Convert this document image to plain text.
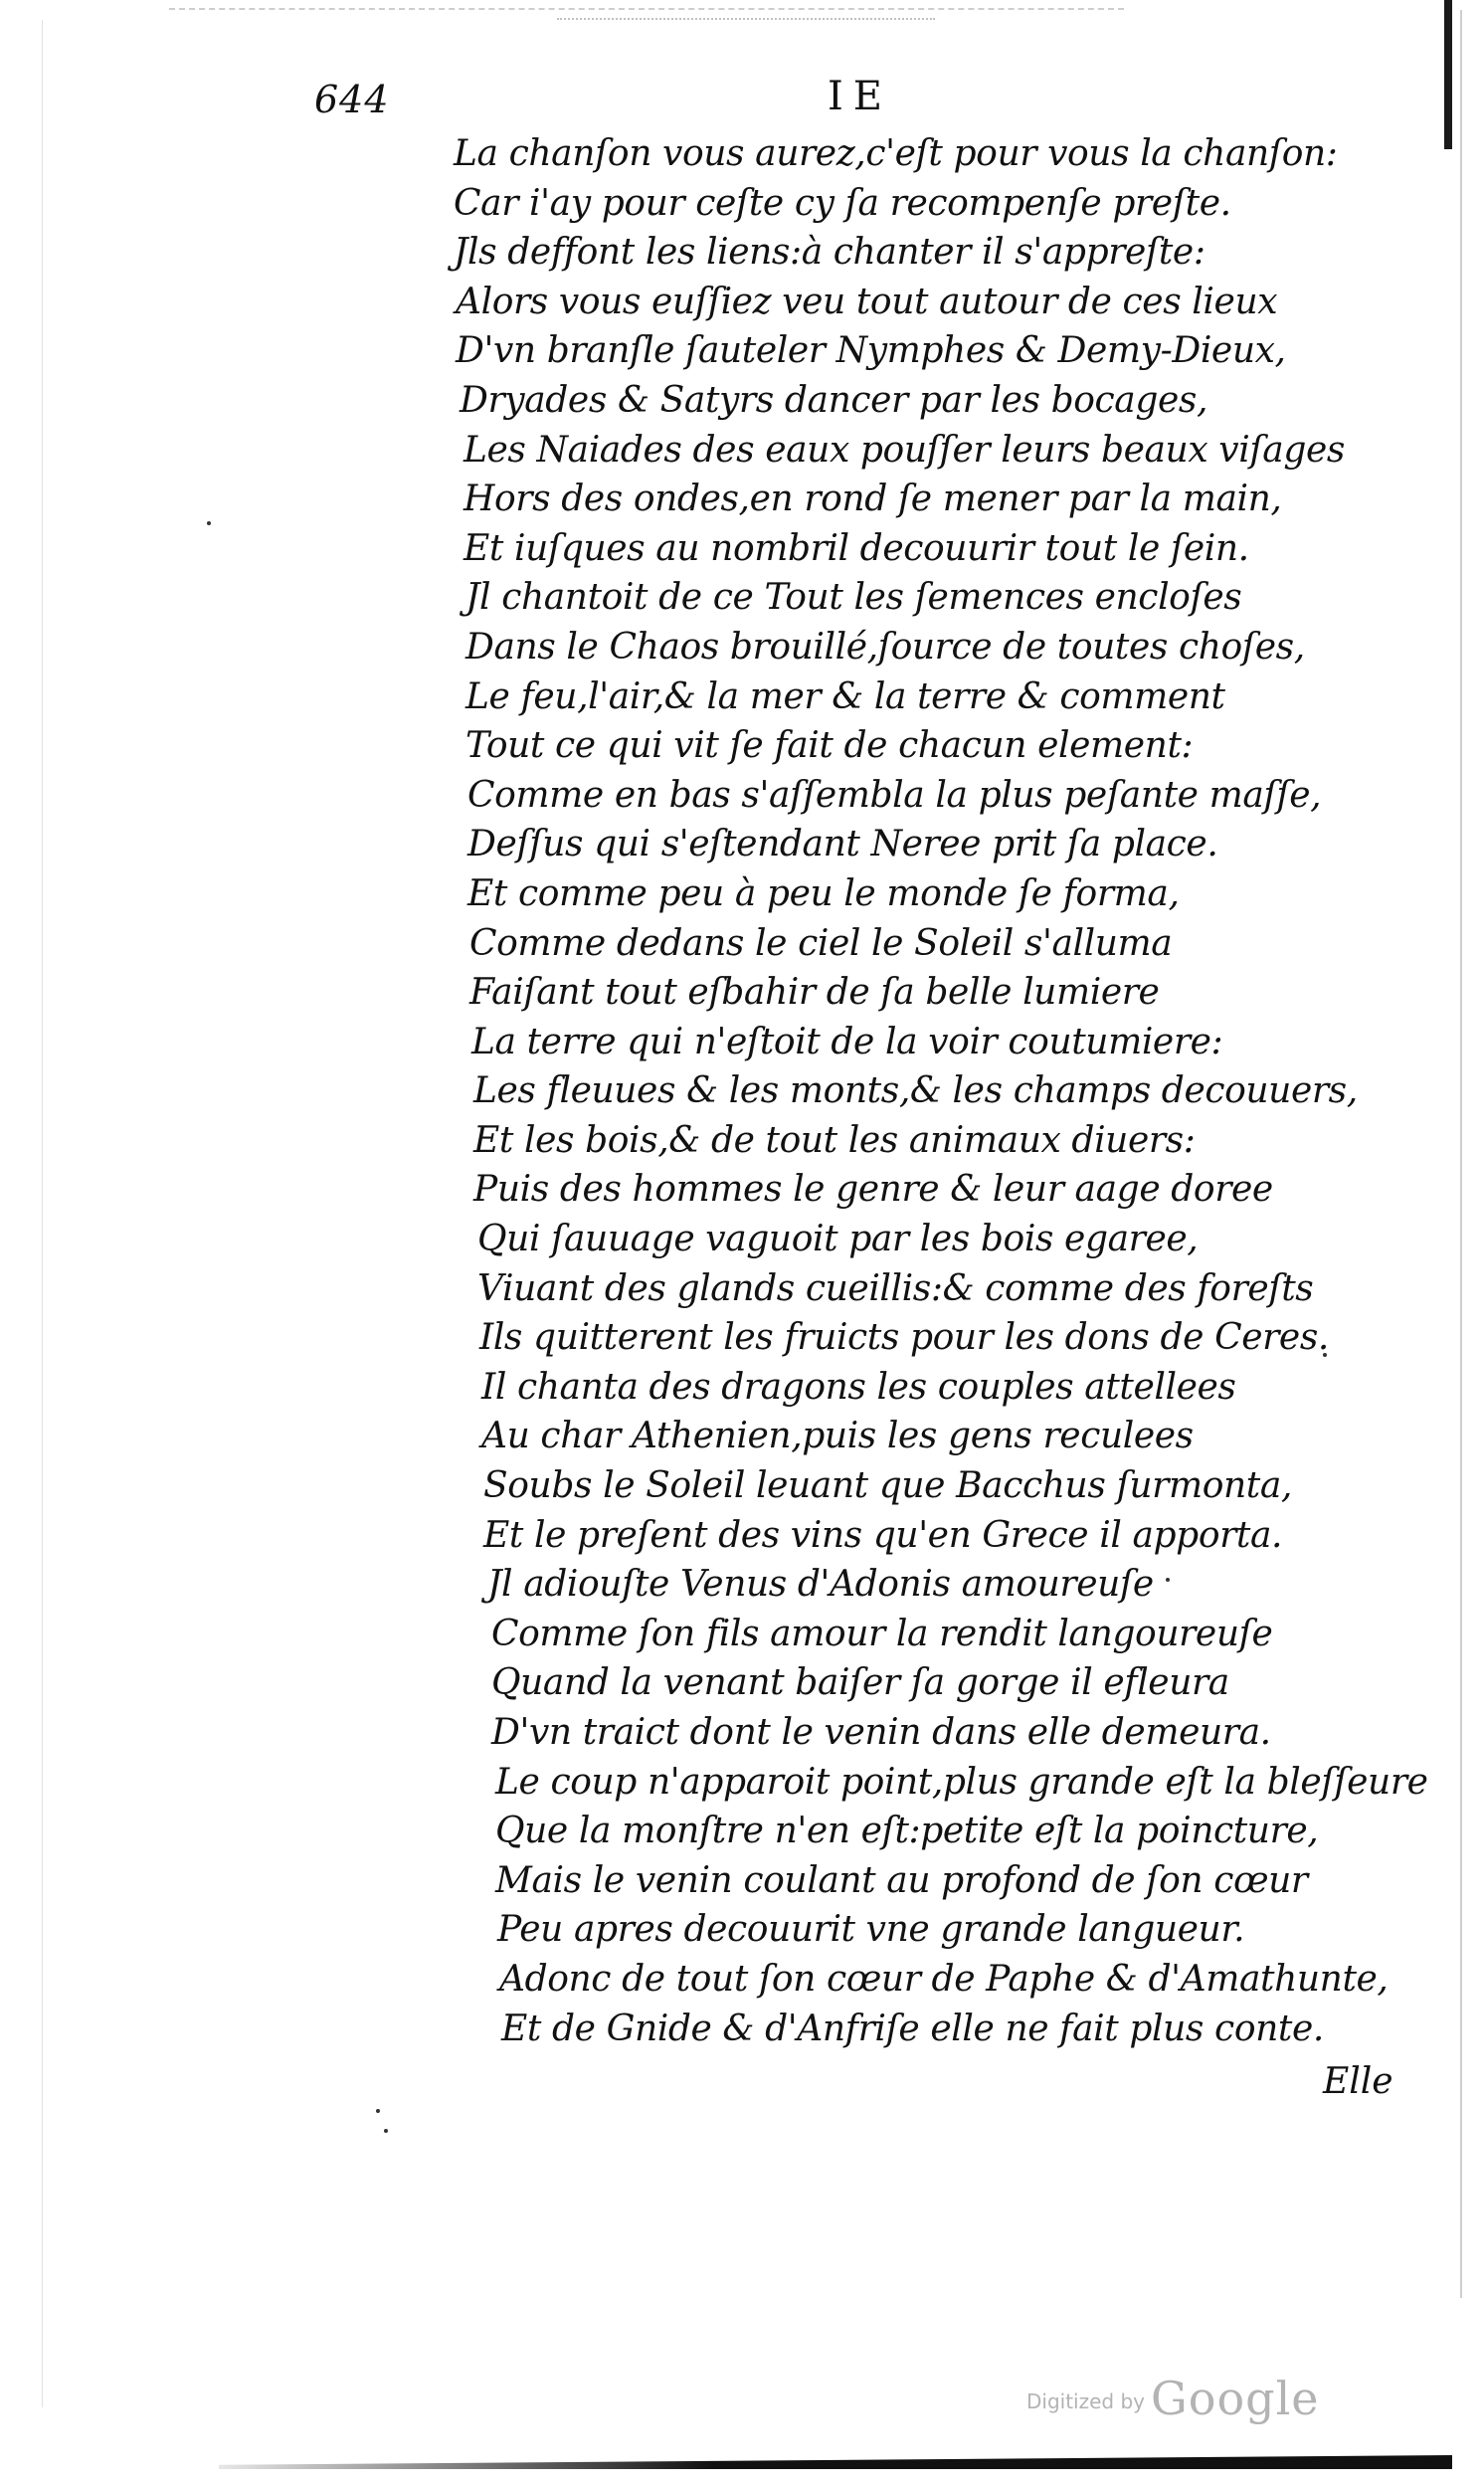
644	IE
La chanſon vous aurez,c'eſt pour vous la chanſon:
Car i'ay pour ceſte cy ſa recompenſe preſte.
Jls deffont les liens:à chanter il s'appreſte:
Alors vous euſſiez veu tout autour de ces lieux
D'vn branſle ſauteler Nymphes & Demy-Dieux,
Dryades & Satyrs dancer par les bocages,
Les Naiades des eaux pouſſer leurs beaux viſages
Hors des ondes,en rond ſe mener par la main,
Et iuſques au nombril decouurir tout le ſein.
Jl chantoit de ce Tout les ſemences encloſes
Dans le Chaos brouillé,ſource de toutes choſes,
Le feu,l'air,& la mer & la terre & comment
Tout ce qui vit ſe fait de chacun element:
Comme en bas s'aſſembla la plus peſante maſſe,
Deſſus qui s'eſtendant Neree prit ſa place.
Et comme peu à peu le monde ſe forma,
Comme dedans le ciel le Soleil s'alluma
Faiſant tout eſbahir de ſa belle lumiere
La terre qui n'eſtoit de la voir coutumiere:
Les fleuues & les monts,& les champs decouuers,
Et les bois,& de tout les animaux diuers:
Puis des hommes le genre & leur aage doree
Qui ſauuage vaguoit par les bois egaree,
Viuant des glands cueillis:& comme des foreſts
Ils quitterent les fruicts pour les dons de Ceres.
Il chanta des dragons les couples attellees
Au char Athenien,puis les gens reculees
Soubs le Soleil leuant que Bacchus ſurmonta,
Et le preſent des vins qu'en Grece il apporta.
Jl adiouſte Venus d'Adonis amoureuſe
Comme ſon fils amour la rendit langoureuſe
Quand la venant baiſer ſa gorge il efleura
D'vn traict dont le venin dans elle demeura.
Le coup n'apparoit point,plus grande eſt la bleſſeure
Que la monſtre n'en eſt:petite eſt la poincture,
Mais le venin coulant au profond de ſon cœur
Peu apres decouurit vne grande langueur.
Adonc de tout ſon cœur de Paphe & d'Amathunte,
Et de Gnide & d'Anfriſe elle ne fait plus conte.
Elle
Digitized by Google
